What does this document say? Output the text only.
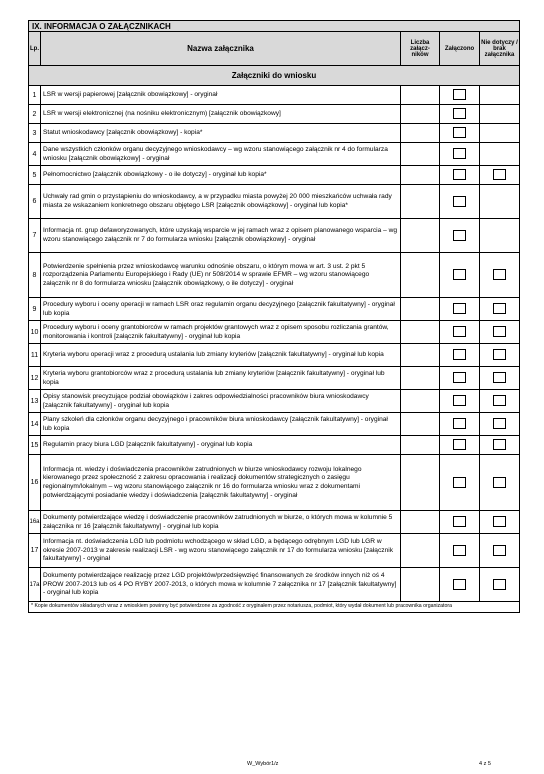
IX. INFORMACJA O ZAŁĄCZNIKACH				
Lp.	Nazwa załącznika	Liczba załącz-ników	Załączono	Nie dotyczy / brak załącznika
Załączniki do wniosku				
1	LSR w wersji papierowej [załącznik obowiązkowy] - oryginał			
2	LSR w wersji elektronicznej (na nośniku elektronicznym) [załącznik obowiązkowy]			
3	Statut wnioskodawcy [załącznik obowiązkowy] - kopia*			
4	Dane wszystkich członków organu decyzyjnego wnioskodawcy – wg wzoru stanowiącego załącznik nr 4 do formularza wniosku [załącznik obowiązkowy] - oryginał			
5	Pełnomocnictwo [załącznik obowiązkowy - o ile dotyczy] - oryginał lub kopia*			
6	Uchwały rad gmin o przystąpieniu do wnioskodawcy, a w przypadku miasta powyżej 20 000 mieszkańców uchwała rady miasta ze wskazaniem konkretnego obszaru objętego LSR [załącznik obowiązkowy] - oryginał lub kopia*			
7	Informacja nt. grup defaworyzowanych, które uzyskają wsparcie w jej ramach wraz z opisem planowanego wsparcia – wg wzoru stanowiącego załącznik nr 7 do formularza wniosku [załącznik obowiązkowy] - oryginał			
8	Potwierdzenie spełnienia przez wnioskodawcę warunku odnośnie obszaru, o którym mowa w art. 3 ust. 2 pkt 5 rozporządzenia Parlamentu Europejskiego i Rady (UE) nr 508/2014 w sprawie EFMR – wg wzoru stanowiącego załącznik nr 8 do formularza wniosku [załącznik obowiązkowy, o ile dotyczy] - oryginał			
9	Procedury wyboru i oceny operacji w ramach LSR oraz regulamin organu decyzyjnego [załącznik fakultatywny] - oryginał lub kopia			
10	Procedury wyboru i oceny grantobiorców w ramach projektów grantowych wraz z opisem sposobu rozliczania grantów, monitorowania i kontroli [załącznik fakultatywny] - oryginał lub kopia			
11	Kryteria wyboru operacji wraz z procedurą ustalania lub zmiany kryteriów [załącznik fakultatywny] - oryginał lub kopia			
12	Kryteria wyboru grantobiorców wraz z procedurą ustalania lub zmiany kryteriów [załącznik fakultatywny] - oryginał lub kopia			
13	Opisy stanowisk precyzujące podział obowiązków i zakres odpowiedzialności pracowników biura wnioskodawcy [załącznik fakultatywny] - oryginał lub kopia			
14	Plany szkoleń dla członków organu decyzyjnego i pracowników biura wnioskodawcy [załącznik fakultatywny] - oryginał lub kopia			
15	Regulamin pracy biura LGD [załącznik fakultatywny] - oryginał lub kopia			
16	Informacja nt. wiedzy i doświadczenia pracowników zatrudnionych w biurze wnioskodawcy rozwoju lokalnego kierowanego przez społeczność z zakresu opracowania i realizacji dokumentów strategicznych o zasięgu regionalnym/lokalnym – wg wzoru stanowiącego załącznik nr 16 do formularza wniosku wraz z dokumentami potwierdzającymi posiadanie wiedzy i doświadczenia [załącznik fakultatywny] - oryginał			
16a	Dokumenty potwierdzające wiedzę i doświadczenie pracowników zatrudnionych w biurze, o których mowa w kolumnie 5 załącznika nr 16 [załącznik fakultatywny] - oryginał lub kopia			
17	Informacja nt. doświadczenia LGD lub podmiotu wchodzącego w skład LGD, a będącego odrębnym LGD lub LGR w okresie 2007-2013 w zakresie realizacji LSR - wg wzoru stanowiącego załącznik nr 17 do formularza wniosku [załącznik fakultatywny] - oryginał			
17a	Dokumenty potwierdzające realizację przez LGD projektów/przedsięwzięć finansowanych ze środków innych niż oś 4 PROW 2007-2013 lub oś 4 PO RYBY 2007-2013, o których mowa w kolumnie 7 załącznika nr 17 [załącznik fakultatywny] - oryginał lub kopia			
* Kopie dokumentów składanych wraz z wnioskiem powinny być potwierdzone za zgodność z oryginałem przez notariusza, podmiot, który wydał dokument lub pracownika organizatora				
W_Wybór1/z	4 z 5
